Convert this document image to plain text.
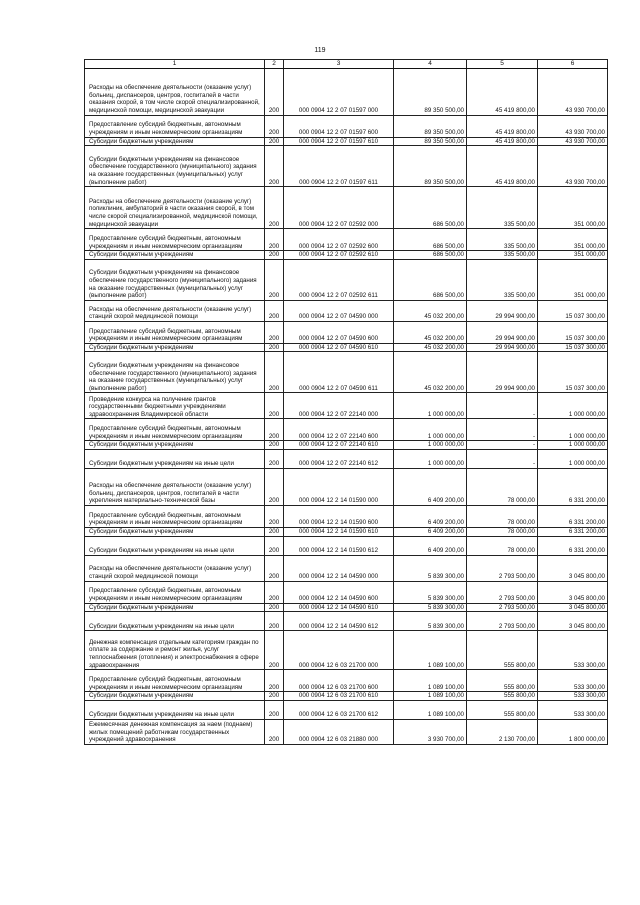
119
1	2	3	4	5	6
Расходы на обеспечение деятельности (оказание услуг) больниц, диспансеров, центров, госпиталей в части оказания скорой, в том числе скорой специализированной, медицинской помощи, медицинской эвакуации	200	000 0904 12 2 07 01597 000	89 350 500,00	45 419 800,00	43 930 700,00
Предоставление субсидий бюджетным, автономным учреждениям и иным некоммерческим организациям	200	000 0904 12 2 07 01597 600	89 350 500,00	45 419 800,00	43 930 700,00
Субсидии бюджетным учреждениям	200	000 0904 12 2 07 01597 610	89 350 500,00	45 419 800,00	43 930 700,00
Субсидии бюджетным учреждениям на финансовое обеспечение государственного (муниципального) задания на оказание государственных (муниципальных) услуг (выполнение работ)	200	000 0904 12 2 07 01597 611	89 350 500,00	45 419 800,00	43 930 700,00
Расходы на обеспечение деятельности (оказание услуг) поликлиник, амбулаторий в части оказания скорой, в том числе скорой специализированной, медицинской помощи, медицинской эвакуации	200	000 0904 12 2 07 02592 000	686 500,00	335 500,00	351 000,00
Предоставление субсидий бюджетным, автономным учреждениям и иным некоммерческим организациям	200	000 0904 12 2 07 02592 600	686 500,00	335 500,00	351 000,00
Субсидии бюджетным учреждениям	200	000 0904 12 2 07 02592 610	686 500,00	335 500,00	351 000,00
Субсидии бюджетным учреждениям на финансовое обеспечение государственного (муниципального) задания на оказание государственных (муниципальных) услуг (выполнение работ)	200	000 0904 12 2 07 02592 611	686 500,00	335 500,00	351 000,00
Расходы на обеспечение деятельности (оказание услуг) станций скорой медицинской помощи	200	000 0904 12 2 07 04590 000	45 032 200,00	29 994 900,00	15 037 300,00
Предоставление субсидий бюджетным, автономным учреждениям и иным некоммерческим организациям	200	000 0904 12 2 07 04590 600	45 032 200,00	29 994 900,00	15 037 300,00
Субсидии бюджетным учреждениям	200	000 0904 12 2 07 04590 610	45 032 200,00	29 994 900,00	15 037 300,00
Субсидии бюджетным учреждениям на финансовое обеспечение государственного (муниципального) задания на оказание государственных (муниципальных) услуг (выполнение работ)	200	000 0904 12 2 07 04590 611	45 032 200,00	29 994 900,00	15 037 300,00
Проведение конкурса на получение грантов государственными бюджетными учреждениями здравоохранения Владимирской области	200	000 0904 12 2 07 22140 000	1 000 000,00	-	1 000 000,00
Предоставление субсидий бюджетным, автономным учреждениям и иным некоммерческим организациям	200	000 0904 12 2 07 22140 600	1 000 000,00	-	1 000 000,00
Субсидии бюджетным учреждениям	200	000 0904 12 2 07 22140 610	1 000 000,00	-	1 000 000,00
Субсидии бюджетным учреждениям на иные цели	200	000 0904 12 2 07 22140 612	1 000 000,00	-	1 000 000,00
Расходы на обеспечение деятельности (оказание услуг) больниц, диспансеров, центров, госпиталей в части укрепления материально-технической базы	200	000 0904 12 2 14 01590 000	6 409 200,00	78 000,00	6 331 200,00
Предоставление субсидий бюджетным, автономным учреждениям и иным некоммерческим организациям	200	000 0904 12 2 14 01590 600	6 409 200,00	78 000,00	6 331 200,00
Субсидии бюджетным учреждениям	200	000 0904 12 2 14 01590 610	6 409 200,00	78 000,00	6 331 200,00
Субсидии бюджетным учреждениям на иные цели	200	000 0904 12 2 14 01590 612	6 409 200,00	78 000,00	6 331 200,00
Расходы на обеспечение деятельности (оказание услуг) станций скорой медицинской помощи	200	000 0904 12 2 14 04590 000	5 839 300,00	2 793 500,00	3 045 800,00
Предоставление субсидий бюджетным, автономным учреждениям и иным некоммерческим организациям	200	000 0904 12 2 14 04590 600	5 839 300,00	2 793 500,00	3 045 800,00
Субсидии бюджетным учреждениям	200	000 0904 12 2 14 04590 610	5 839 300,00	2 793 500,00	3 045 800,00
Субсидии бюджетным учреждениям на иные цели	200	000 0904 12 2 14 04590 612	5 839 300,00	2 793 500,00	3 045 800,00
Денежная компенсация отдельным категориям граждан по оплате за содержание и ремонт жилья, услуг теплоснабжения (отопления) и электроснабжения в сфере здравоохранения	200	000 0904 12 6 03 21700 000	1 089 100,00	555 800,00	533 300,00
Предоставление субсидий бюджетным, автономным учреждениям и иным некоммерческим организациям	200	000 0904 12 6 03 21700 600	1 089 100,00	555 800,00	533 300,00
Субсидии бюджетным учреждениям	200	000 0904 12 6 03 21700 610	1 089 100,00	555 800,00	533 300,00
Субсидии бюджетным учреждениям на иные цели	200	000 0904 12 6 03 21700 612	1 089 100,00	555 800,00	533 300,00
Ежемесячная денежная компенсация за наем (поднаем) жилых помещений работникам государственных учреждений здравоохранения	200	000 0904 12 6 03 21880 000	3 930 700,00	2 130 700,00	1 800 000,00
